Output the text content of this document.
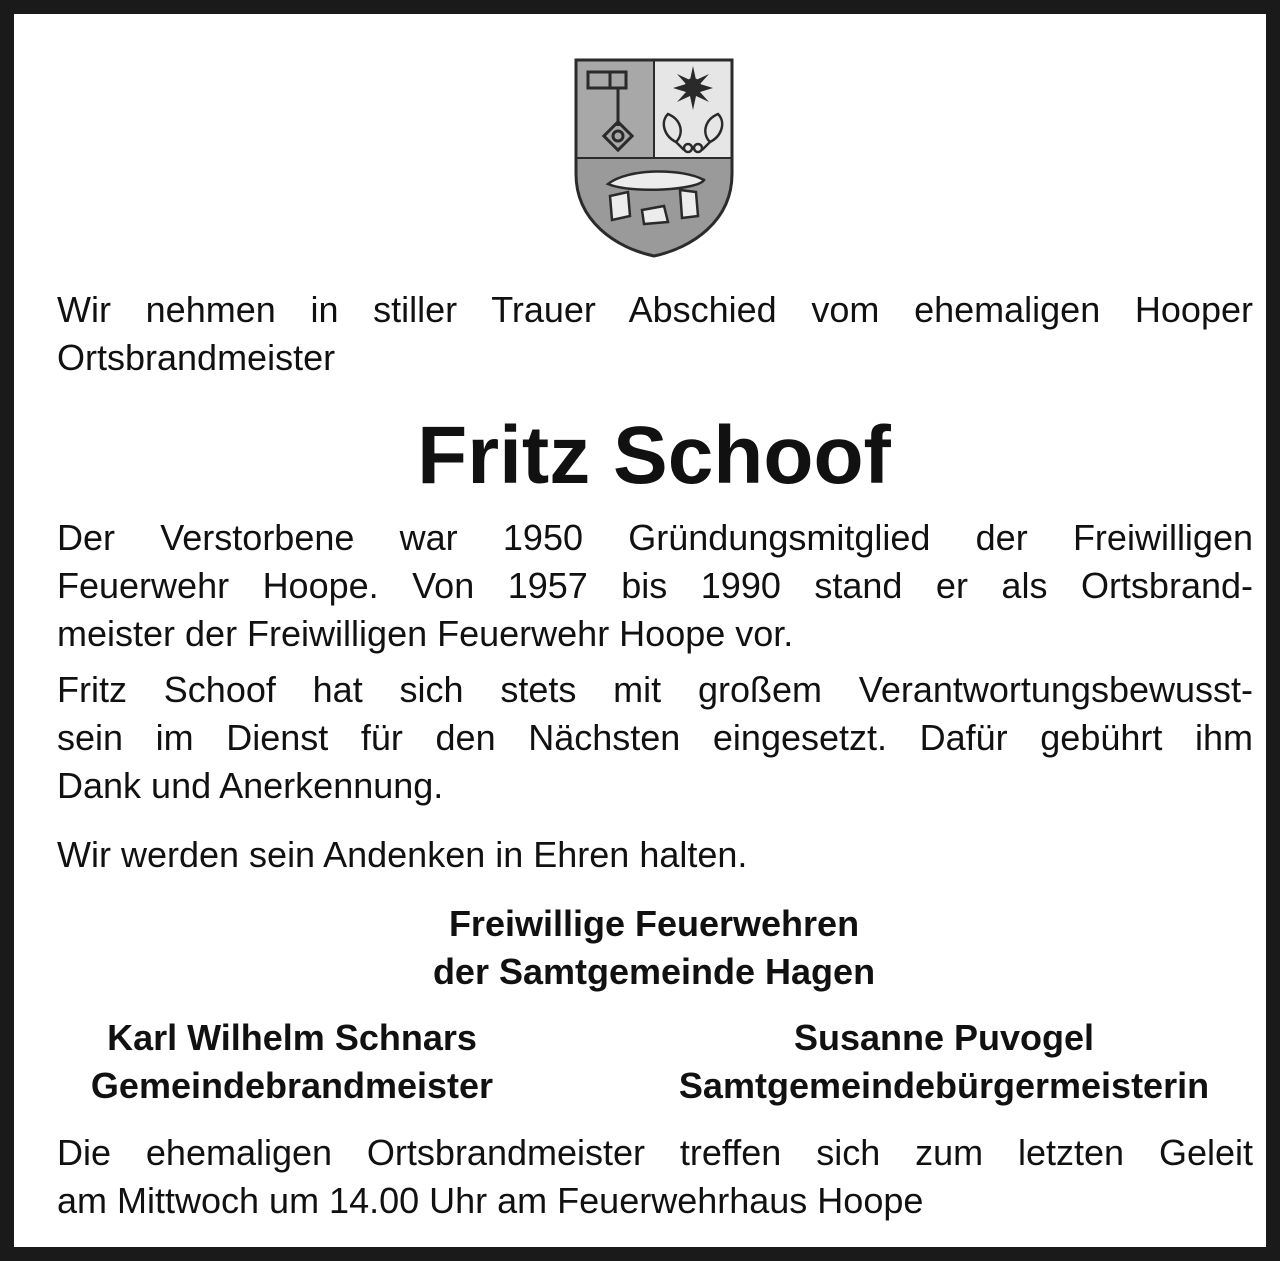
Wir nehmen in stiller Trauer Abschied vom ehemaligen Hooper
Ortsbrandmeister
Fritz Schoof
Der Verstorbene war 1950 Gründungsmitglied der Freiwilligen
Feuerwehr Hoope. Von 1957 bis 1990 stand er als Ortsbrand-
meister der Freiwilligen Feuerwehr Hoope vor.
Fritz Schoof hat sich stets mit großem Verantwortungsbewusst-
sein im Dienst für den Nächsten eingesetzt. Dafür gebührt ihm
Dank und Anerkennung.
Wir werden sein Andenken in Ehren halten.
Freiwillige Feuerwehren
der Samtgemeinde Hagen
Karl Wilhelm Schnars
Gemeindebrandmeister
Susanne Puvogel
Samtgemeindebürgermeisterin
Die ehemaligen Ortsbrandmeister treffen sich zum letzten Geleit
am Mittwoch um 14.00 Uhr am Feuerwehrhaus Hoope
